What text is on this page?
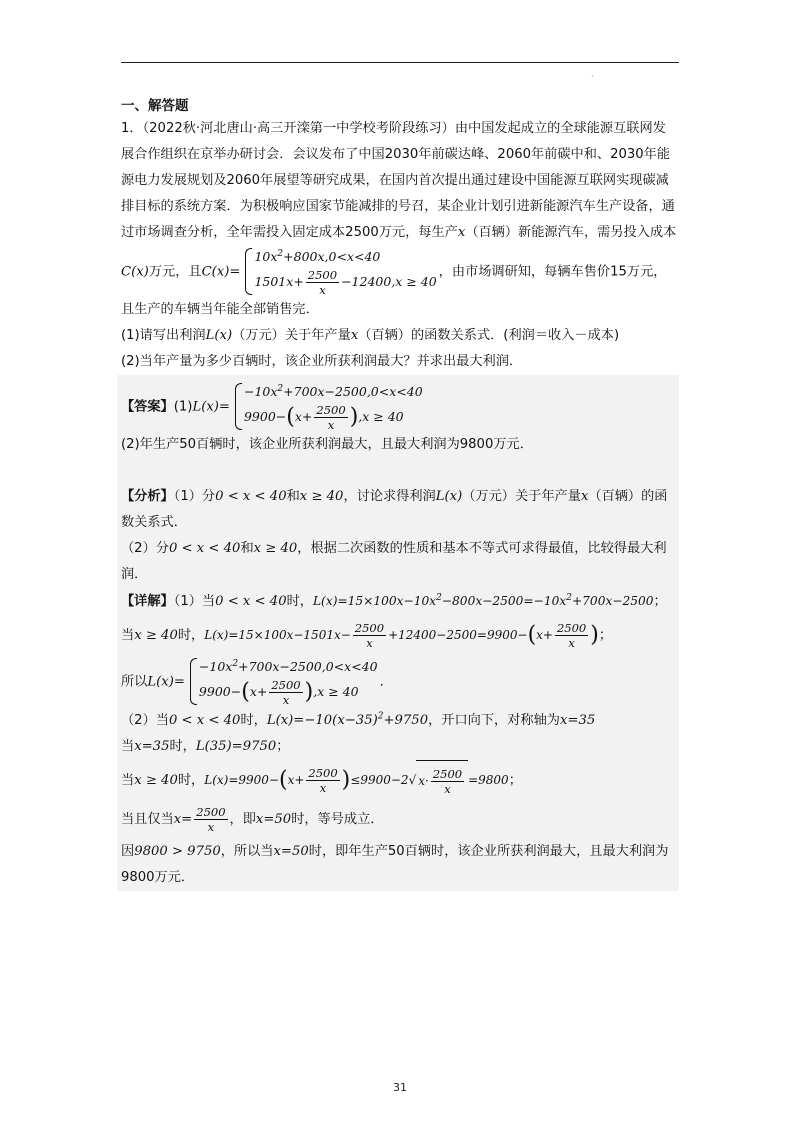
·
一、解答题

1．（2022秋·河北唐山·高三开滦第一中学校考阶段练习）由中国发起成立的全球能源互联网发展合作组织在京举办研讨会．会议发布了中国2030年前碳达峰、2060年前碳中和、2030年能源电力发展规划及2060年展望等研究成果，在国内首次提出通过建设中国能源互联网实现碳减排目标的系统方案．为积极响应国家节能减排的号召，某企业计划引进新能源汽车生产设备，通过市场调查分析，全年需投入固定成本2500万元，每生产x（百辆）新能源汽车，需另投入成本C(x)万元，且C(x)=
$10x^2+800x,0<x<40$
$1501x+ \frac{2500}{x} -12400,x \ge 40$
，由市场调研知，每辆车售价15万元，且生产的车辆当年能全部销售完．

(1)请写出利润L(x)（万元）关于年产量x（百辆）的函数关系式．(利润＝收入－成本)

(2)当年产量为多少百辆时，该企业所获利润最大？并求出最大利润．

【答案】(1)L(x)=
$-10x^2+700x-2500,0<x<40$
$9900-(x+ \frac{2500}{x} ),x \ge 40$

(2)年生产50百辆时，该企业所获利润最大，且最大利润为9800万元．

【分析】（1）分0 < x < 40和x ≥ 40，讨论求得利润L(x)（万元）关于年产量x（百辆）的函数关系式．

（2）分0 < x < 40和x ≥ 40，根据二次函数的性质和基本不等式可求得最值，比较得最大利润．

【详解】（1）当0 < x < 40时，$L(x)=15\times 100x-10x^2-800x-2500=-10x^2+700x-2500$；

当x ≥ 40时，$L(x)=15\times 100x-1501x- \frac{2500}{x} +12400-2500=9900-(x+ \frac{2500}{x}$ )；

所以L(x)=
$-10x^2+700x-2500,0<x<40$
$9900-(x+ \frac{2500}{x} ),x \ge 40$
．

（2）当0 < x < 40时，$L(x)=-10(x-35)^2+9750$，开口向下，对称轴为x=35

当x=35时，L(35)=9750；

当x ≥ 40时，$L(x)=9900-(x+ \frac{2500}{x} )\le 9900-2√$ $x\cdot \frac{2500}{x} =9800$；

当且仅当$x= \frac{2500}{x}$ ，即x=50时，等号成立．

因9800 > 9750，所以当x=50时，即年生产50百辆时，该企业所获利润最大，且最大利润为9800万元．

31
